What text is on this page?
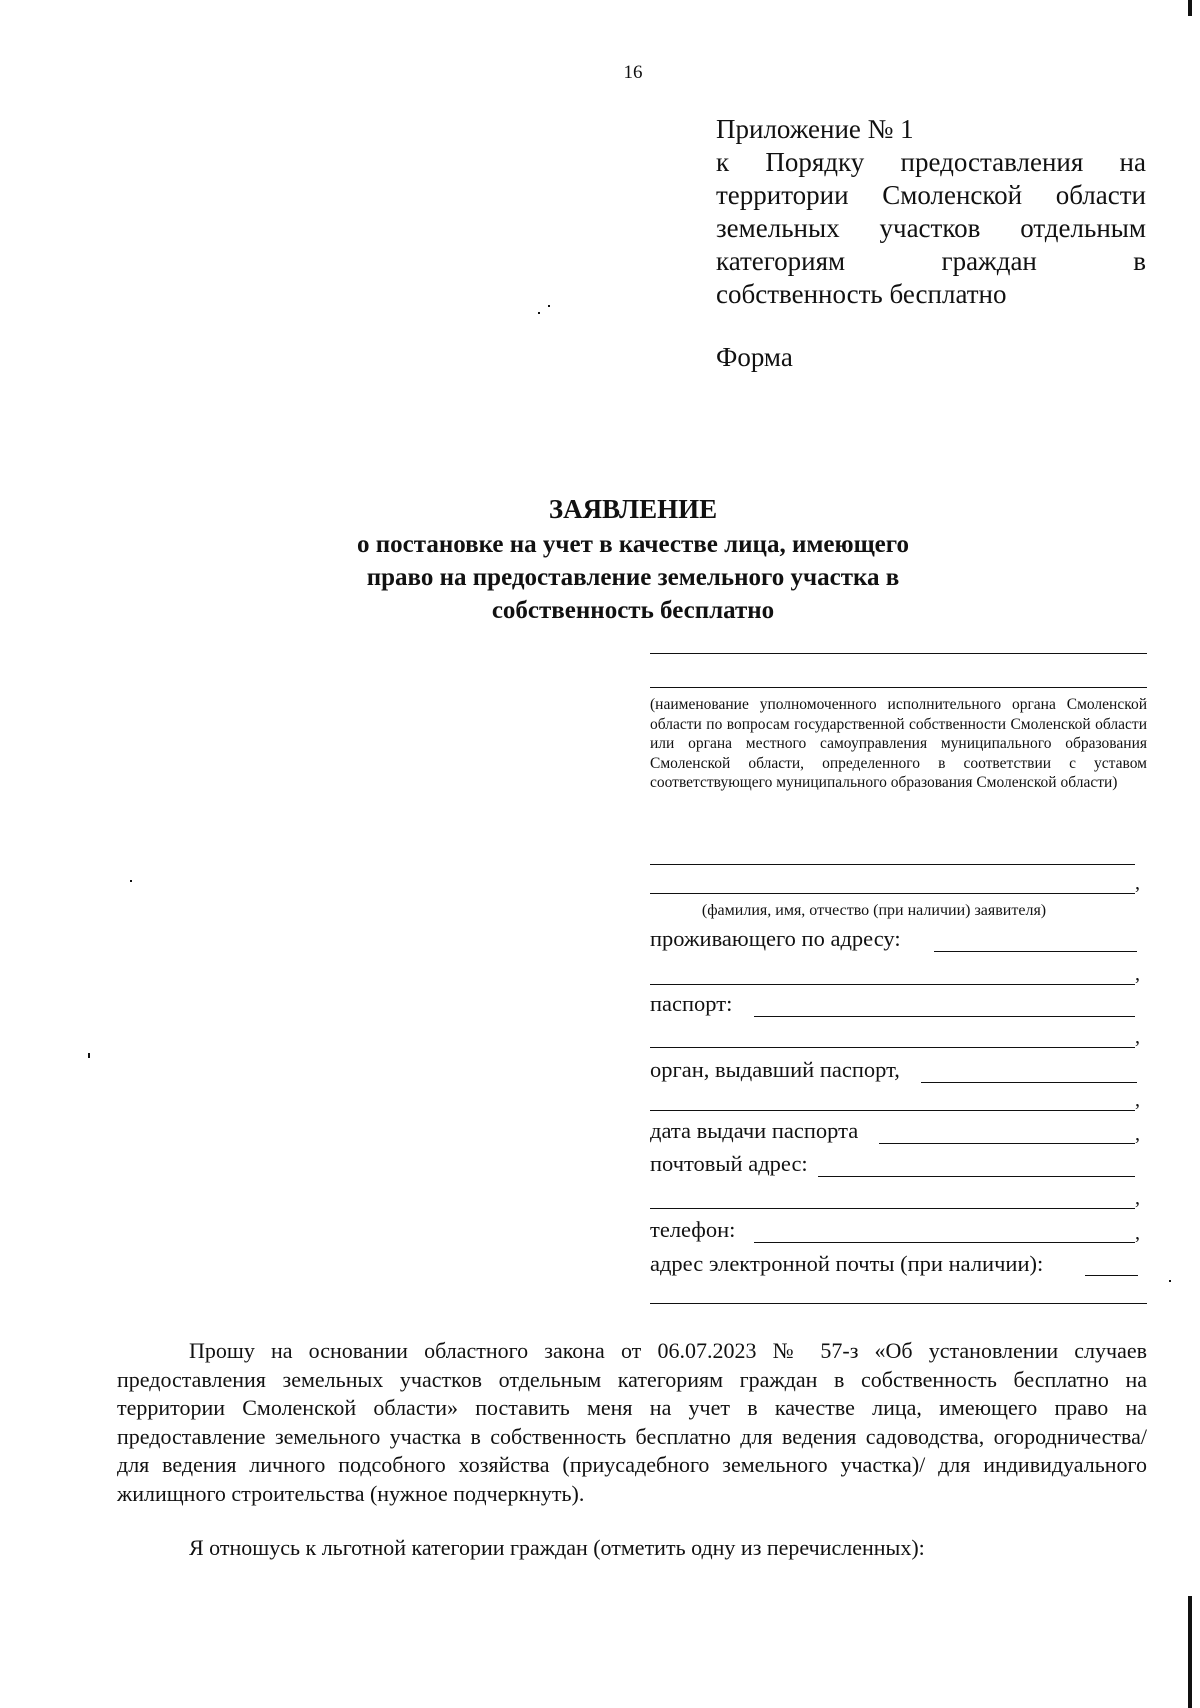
16
Приложение № 1
к Порядку предоставления на
территории Смоленской области
земельных участков отдельным
категориям граждан в
собственность бесплатно
Форма
ЗАЯВЛЕНИЕ
о постановке на учет в качестве лица, имеющего
право на предоставление земельного участка в
собственность бесплатно
(наименование уполномоченного исполнительного органа Смоленской области по вопросам государственной собственности Смоленской области или органа местного самоуправления муниципального образования Смоленской области, определенного в соответствии с уставом соответствующего муниципального образования Смоленской области)
,
(фамилия, имя, отчество (при наличии) заявителя)
проживающего по адресу:
,
паспорт:
,
орган, выдавший паспорт,
,
дата выдачи паспорта	,
почтовый адрес:
,
телефон:	,
адрес электронной почты (при наличии):
Прошу на основании областного закона от 06.07.2023 № 57-з «Об установлении случаев предоставления земельных участков отдельным категориям граждан в собственность бесплатно на территории Смоленской области» поставить меня на учет в качестве лица, имеющего право на предоставление земельного участка в собственность бесплатно для ведения садоводства, огородничества/ для ведения личного подсобного хозяйства (приусадебного земельного участка)/ для индивидуального жилищного строительства (нужное подчеркнуть).
Я отношусь к льготной категории граждан (отметить одну из перечисленных):
